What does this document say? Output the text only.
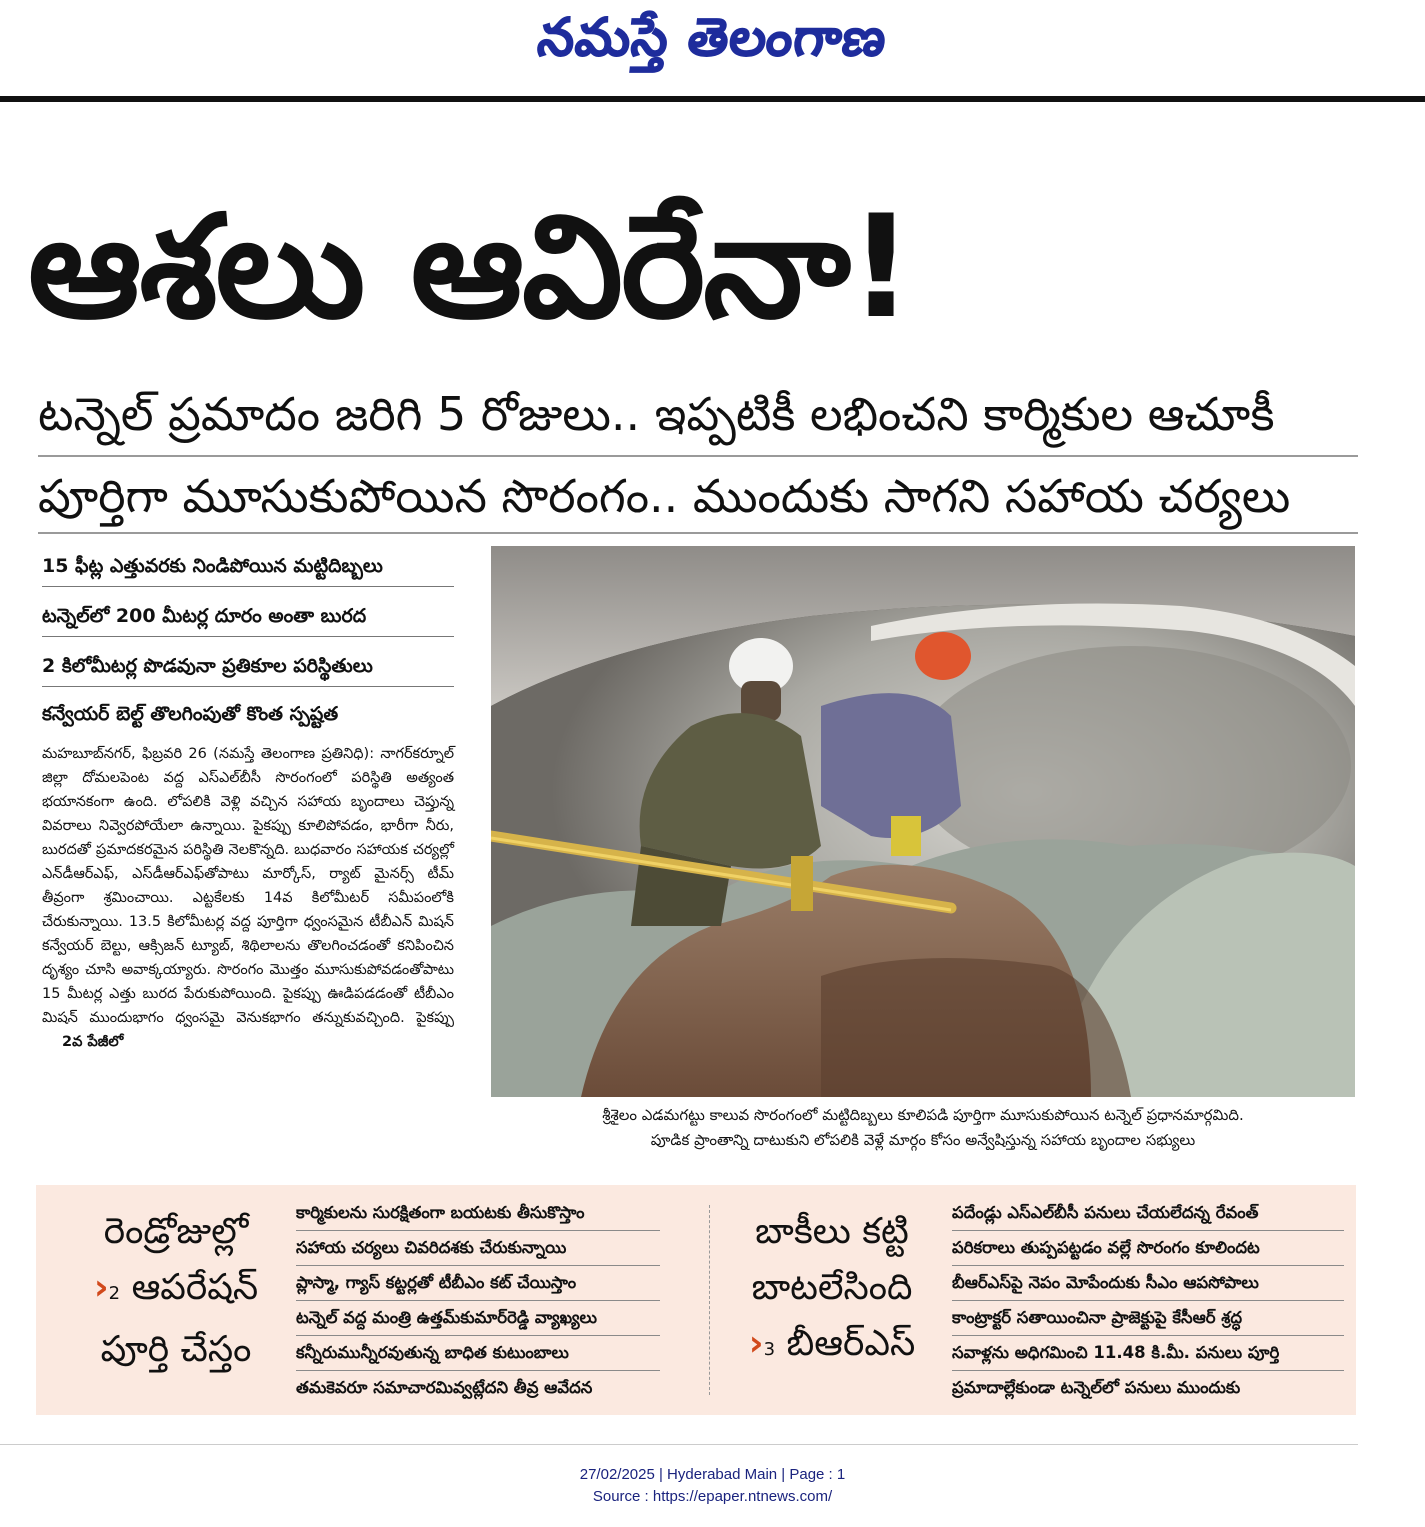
నమస్తే తెలంగాణ
ఆశలు ఆవిరేనా!
టన్నెల్ ప్రమాదం జరిగి 5 రోజులు.. ఇప్పటికీ లభించని కార్మికుల ఆచూకీ
పూర్తిగా మూసుకుపోయిన సొరంగం.. ముందుకు సాగని సహాయ చర్యలు
15 ఫీట్ల ఎత్తువరకు నిండిపోయిన మట్టిదిబ్బలు
టన్నెల్‌లో 200 మీటర్ల దూరం అంతా బురద
2 కిలోమీటర్ల పొడవునా ప్రతికూల పరిస్థితులు
కన్వేయర్ బెల్ట్ తొలగింపుతో కొంత స్పష్టత
మహబూబ్‌నగర్, ఫిబ్రవరి 26 (నమస్తే తెలంగాణ ప్రతినిధి): నాగర్‌కర్నూల్ జిల్లా దోమలపెంట వద్ద ఎస్‌ఎల్‌బీసీ సొరంగంలో పరిస్థితి అత్యంత భయానకంగా ఉంది. లోపలికి వెళ్లి వచ్చిన సహాయ బృందాలు చెప్తున్న వివరాలు నివ్వెరపోయేలా ఉన్నాయి. పైకప్పు కూలిపోవడం, భారీగా నీరు, బురదతో ప్రమాదకరమైన పరిస్థితి నెలకొన్నది. బుధవారం సహాయక చర్యల్లో ఎన్‌డీఆర్‌ఎఫ్, ఎస్‌డీఆర్‌ఎఫ్‌తోపాటు మార్కోస్, ర్యాట్ మైనర్స్ టీమ్ తీవ్రంగా శ్రమించాయి. ఎట్టకేలకు 14వ కిలోమీటర్ సమీపంలోకి చేరుకున్నాయి. 13.5 కిలోమీటర్ల వద్ద పూర్తిగా ధ్వంసమైన టీబీఎన్ మిషన్ కన్వేయర్ బెల్టు, ఆక్సిజన్ ట్యూబ్, శిథిలాలను తొలగించడంతో కనిపించిన దృశ్యం చూసి అవాక్కయ్యారు. సొరంగం మొత్తం మూసుకుపోవడంతోపాటు 15 మీటర్ల ఎత్తు బురద పేరుకుపోయింది. పైకప్పు ఊడిపడడంతో టీబీఎం మిషన్ ముందుభాగం ధ్వంసమై వెనుకభాగం తన్నుకువచ్చింది. పైకప్పు 2వ పేజీలో
శ్రీశైలం ఎడమగట్టు కాలువ సొరంగంలో మట్టిదిబ్బలు కూలిపడి పూర్తిగా మూసుకుపోయిన టన్నెల్ ప్రధానమార్గమిది.
పూడిక ప్రాంతాన్ని దాటుకుని లోపలికి వెళ్లే మార్గం కోసం అన్వేషిస్తున్న సహాయ బృందాల సభ్యులు
రెండ్రోజుల్లో
›2 ఆపరేషన్
పూర్తి చేస్తం
కార్మికులను సురక్షితంగా బయటకు తీసుకొస్తాం
సహాయ చర్యలు చివరిదశకు చేరుకున్నాయి
ప్లాస్మా, గ్యాస్ కట్టర్లతో టీబీఎం కట్ చేయిస్తాం
టన్నెల్ వద్ద మంత్రి ఉత్తమ్‌కుమార్‌రెడ్డి వ్యాఖ్యలు
కన్నీరుమున్నీరవుతున్న బాధిత కుటుంబాలు
తమకెవరూ సమాచారమివ్వట్లేదని తీవ్ర ఆవేదన
బాకీలు కట్టి
బాటలేసింది
›3 బీఆర్‌ఎస్
పదేండ్లు ఎస్‌ఎల్‌బీసీ పనులు చేయలేదన్న రేవంత్
పరికరాలు తుప్పపట్టడం వల్లే సొరంగం కూలిందట
బీఆర్‌ఎస్‌పై నెపం మోపేందుకు సీఎం ఆపసోపాలు
కాంట్రాక్టర్ సతాయించినా ప్రాజెక్టుపై కేసీఆర్ శ్రద్ధ
సవాళ్లను అధిగమించి 11.48 కి.మీ. పనులు పూర్తి
ప్రమాదాల్లేకుండా టన్నెల్‌లో పనులు ముందుకు
27/02/2025 | Hyderabad Main | Page : 1
Source : https://epaper.ntnews.com/
